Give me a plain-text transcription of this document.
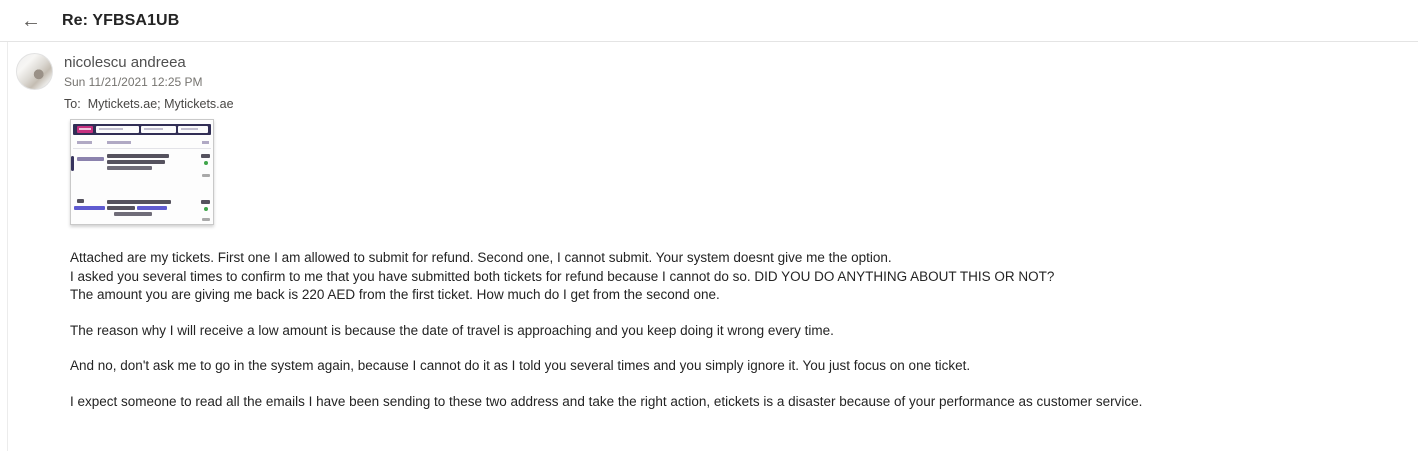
←	Re: YFBSA1UB
nicolescu andreea
Sun 11/21/2021 12:25 PM
To: Mytickets.ae; Mytickets.ae

Attached are my tickets. First one I am allowed to submit for refund. Second one, I cannot submit. Your system doesnt give me the option.
I asked you several times to confirm to me that you have submitted both tickets for refund because I cannot do so. DID YOU DO ANYTHING ABOUT THIS OR NOT?
The amount you are giving me back is 220 AED from the first ticket. How much do I get from the second one.

The reason why I will receive a low amount is because the date of travel is approaching and you keep doing it wrong every time.

And no, don't ask me to go in the system again, because I cannot do it as I told you several times and you simply ignore it. You just focus on one ticket.

I expect someone to read all the emails I have been sending to these two address and take the right action, etickets is a disaster because of your performance as customer service.
